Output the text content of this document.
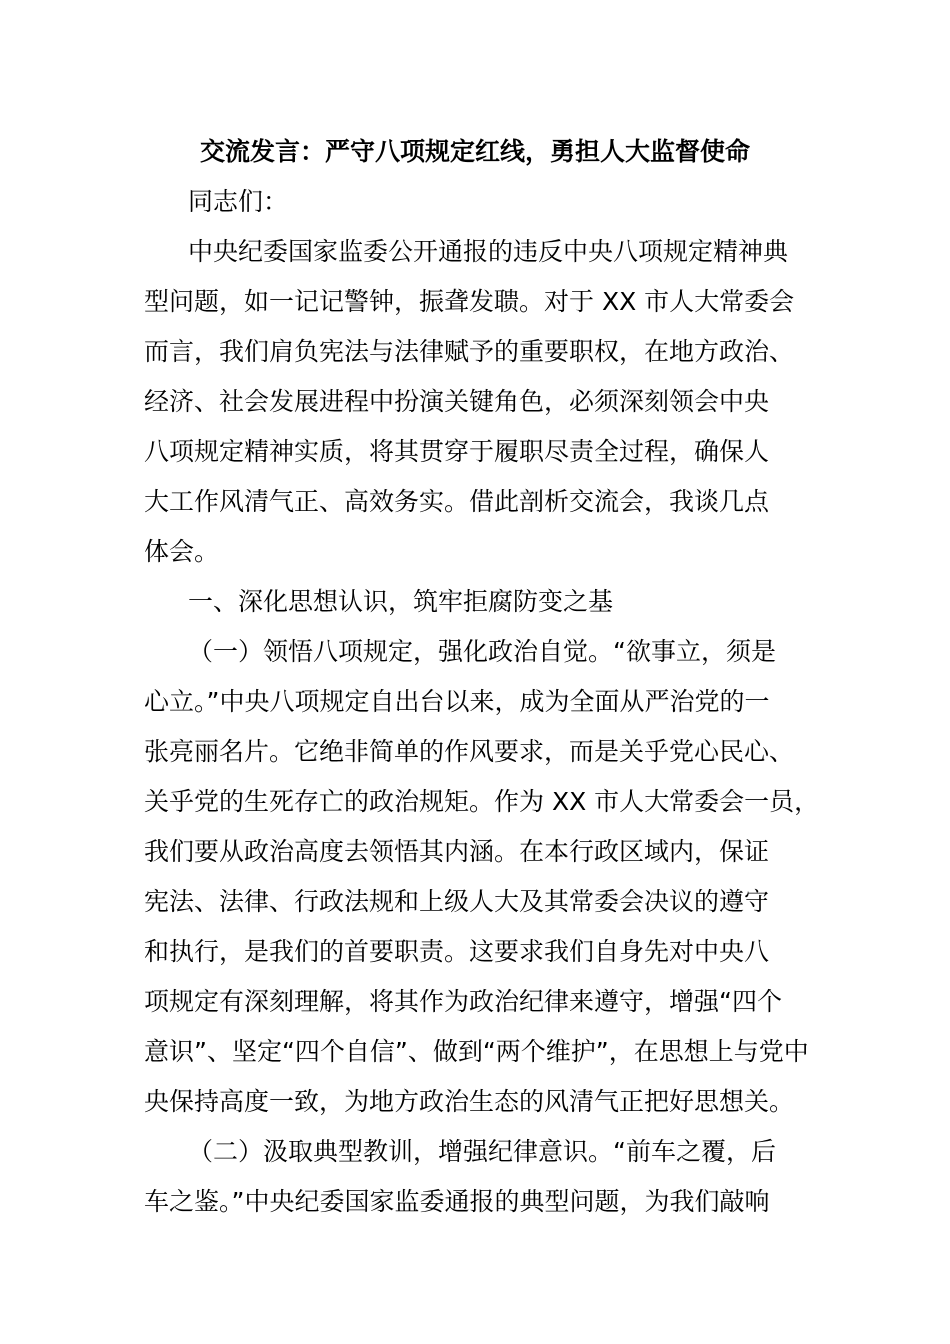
交流发言：严守八项规定红线，勇担人大监督使命
同志们：
中央纪委国家监委公开通报的违反中央八项规定精神典
型问题，如一记记警钟，振聋发聩。对于 XX 市人大常委会
而言，我们肩负宪法与法律赋予的重要职权，在地方政治、
经济、社会发展进程中扮演关键角色，必须深刻领会中央
八项规定精神实质，将其贯穿于履职尽责全过程，确保人
大工作风清气正、高效务实。借此剖析交流会，我谈几点
体会。
一、深化思想认识，筑牢拒腐防变之基
（一）领悟八项规定，强化政治自觉。“欲事立，须是
心立。”中央八项规定自出台以来，成为全面从严治党的一
张亮丽名片。它绝非简单的作风要求，而是关乎党心民心、
关乎党的生死存亡的政治规矩。作为 XX 市人大常委会一员，
我们要从政治高度去领悟其内涵。在本行政区域内，保证
宪法、法律、行政法规和上级人大及其常委会决议的遵守
和执行，是我们的首要职责。这要求我们自身先对中央八
项规定有深刻理解，将其作为政治纪律来遵守，增强“四个
意识”、坚定“四个自信”、做到“两个维护”，在思想上与党中
央保持高度一致，为地方政治生态的风清气正把好思想关。
（二）汲取典型教训，增强纪律意识。“前车之覆，后
车之鉴。”中央纪委国家监委通报的典型问题，为我们敲响
